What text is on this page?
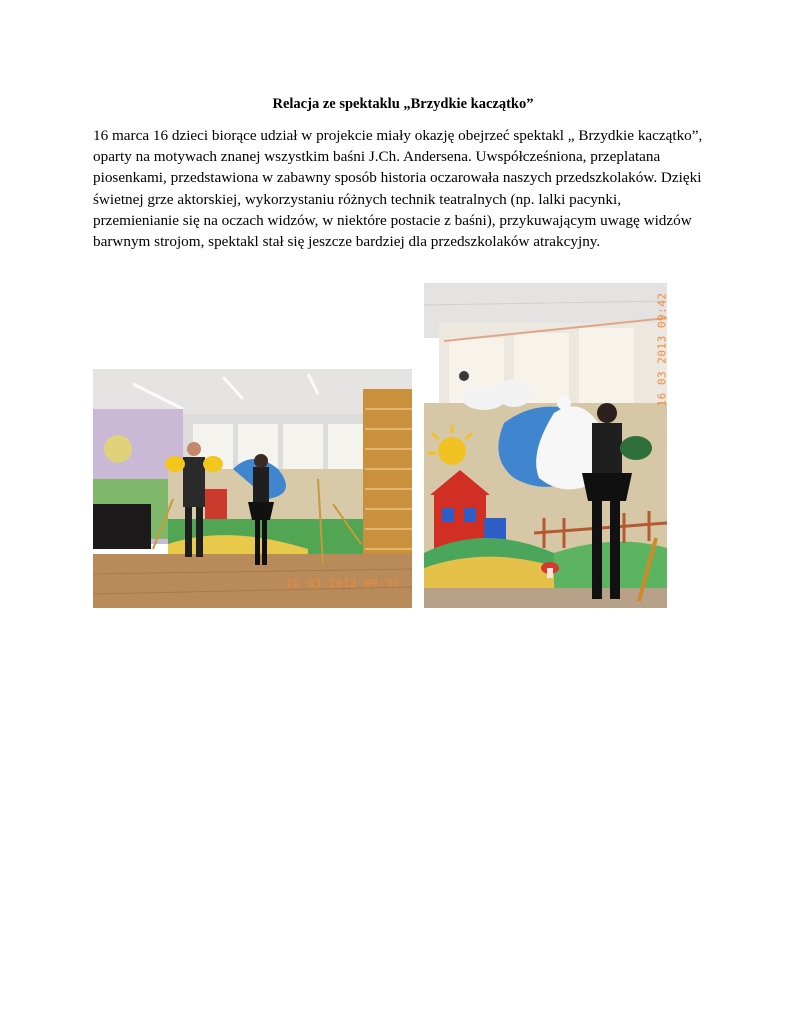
Relacja ze spektaklu „Brzydkie kaczątko”

16 marca 16 dzieci biorące udział w projekcie miały okazję obejrzeć spektakl „ Brzydkie kaczątko”, oparty na motywach znanej wszystkim baśni J.Ch. Andersena. Uwspółcześniona, przeplatana piosenkami, przedstawiona w zabawny sposób historia oczarowała naszych przedszkolaków. Dzięki świetnej grze aktorskiej, wykorzystaniu różnych technik teatralnych (np. lalki pacynki, przemienianie się na oczach widzów, w niektóre postacie z baśni), przykuwającym uwagę widzów barwnym strojom, spektakl stał się jeszcze bardziej dla przedszkolaków atrakcyjny.

16 03 2013 09:33
16 03 2013 09:42
